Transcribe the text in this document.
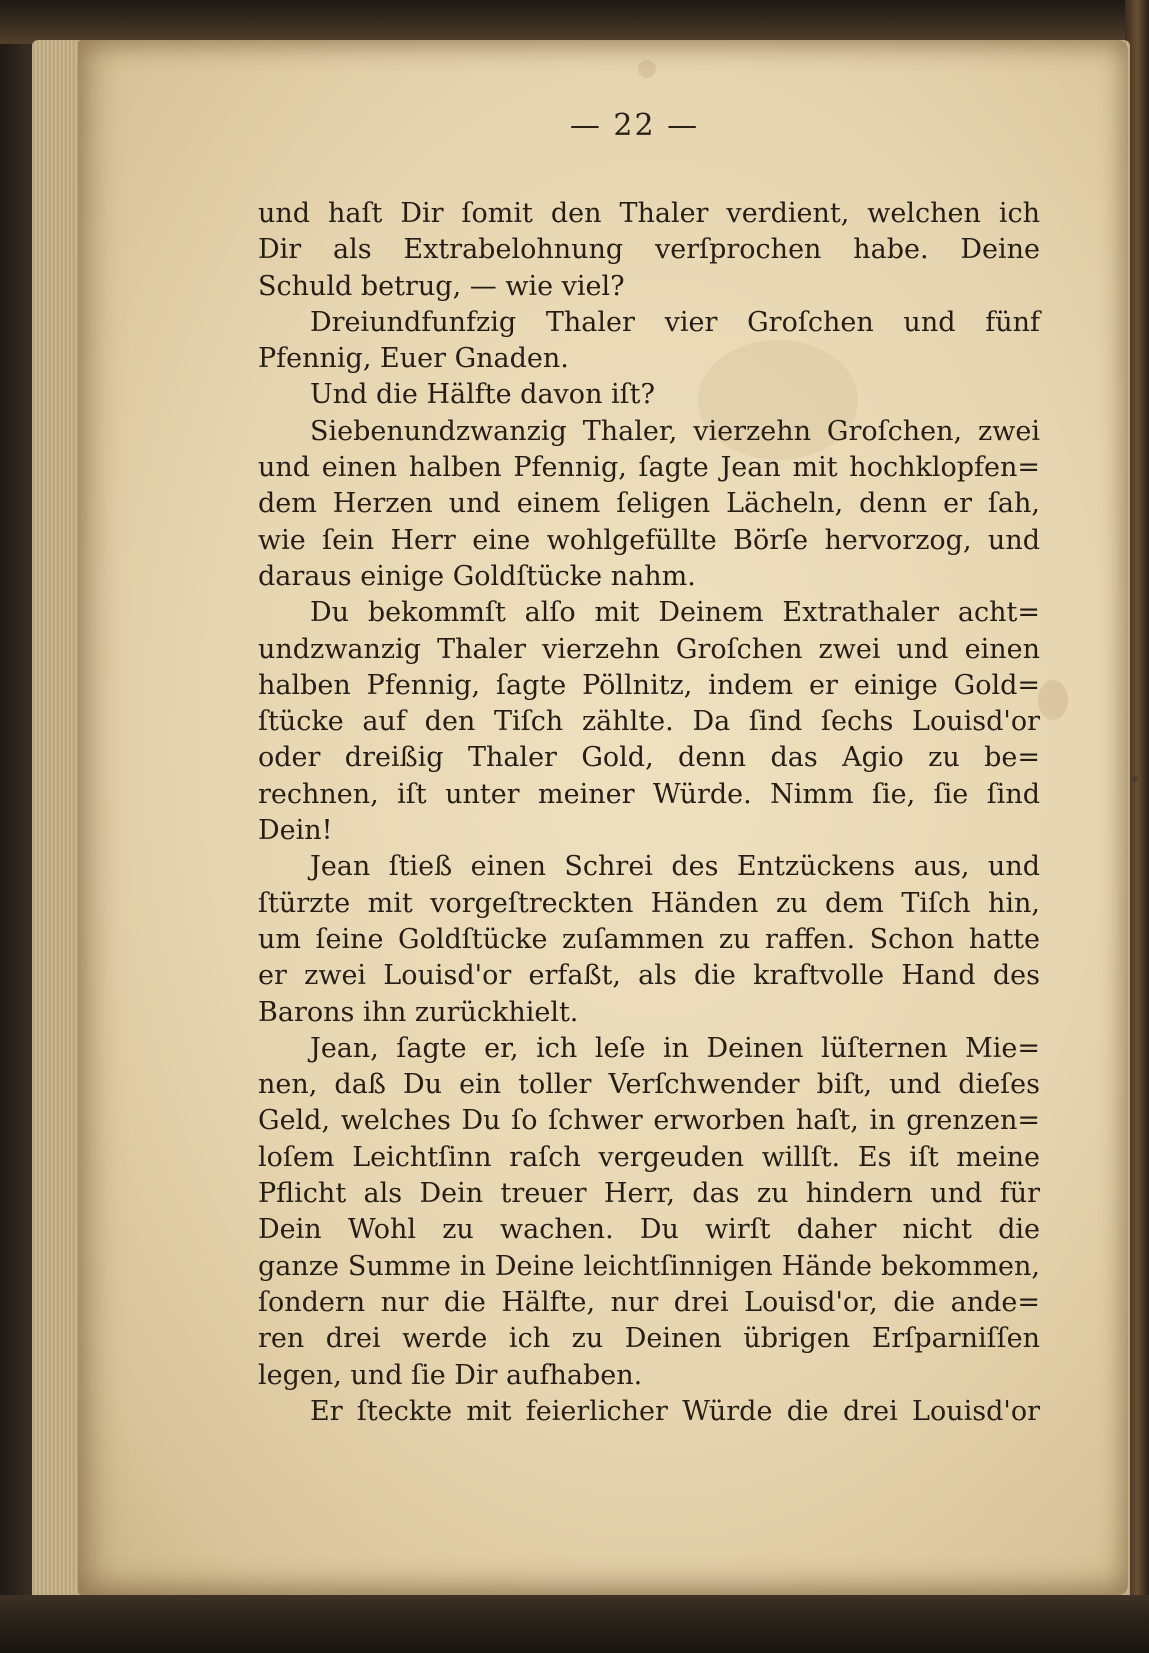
— 22 —
und haſt Dir ſomit den Thaler verdient, welchen ich
Dir als Extrabelohnung verſprochen habe. Deine
Schuld betrug, — wie viel?
Dreiundfunfzig Thaler vier Groſchen und fünf
Pfennig, Euer Gnaden.
Und die Hälfte davon iſt?
Siebenundzwanzig Thaler, vierzehn Groſchen, zwei
und einen halben Pfennig, ſagte Jean mit hochklopfen=
dem Herzen und einem ſeligen Lächeln, denn er ſah,
wie ſein Herr eine wohlgefüllte Börſe hervorzog, und
daraus einige Goldſtücke nahm.
Du bekommſt alſo mit Deinem Extrathaler acht=
undzwanzig Thaler vierzehn Groſchen zwei und einen
halben Pfennig, ſagte Pöllnitz, indem er einige Gold=
ſtücke auf den Tiſch zählte. Da ſind ſechs Louisd'or
oder dreißig Thaler Gold, denn das Agio zu be=
rechnen, iſt unter meiner Würde. Nimm ſie, ſie ſind
Dein!
Jean ſtieß einen Schrei des Entzückens aus, und
ſtürzte mit vorgeſtreckten Händen zu dem Tiſch hin,
um ſeine Goldſtücke zuſammen zu raffen. Schon hatte
er zwei Louisd'or erfaßt, als die kraftvolle Hand des
Barons ihn zurückhielt.
Jean, ſagte er, ich leſe in Deinen lüſternen Mie=
nen, daß Du ein toller Verſchwender biſt, und dieſes
Geld, welches Du ſo ſchwer erworben haſt, in grenzen=
loſem Leichtſinn raſch vergeuden willſt. Es iſt meine
Pflicht als Dein treuer Herr, das zu hindern und für
Dein Wohl zu wachen. Du wirſt daher nicht die
ganze Summe in Deine leichtſinnigen Hände bekommen,
ſondern nur die Hälfte, nur drei Louisd'or, die ande=
ren drei werde ich zu Deinen übrigen Erſparniſſen
legen, und ſie Dir aufhaben.
Er ſteckte mit feierlicher Würde die drei Louisd'or
